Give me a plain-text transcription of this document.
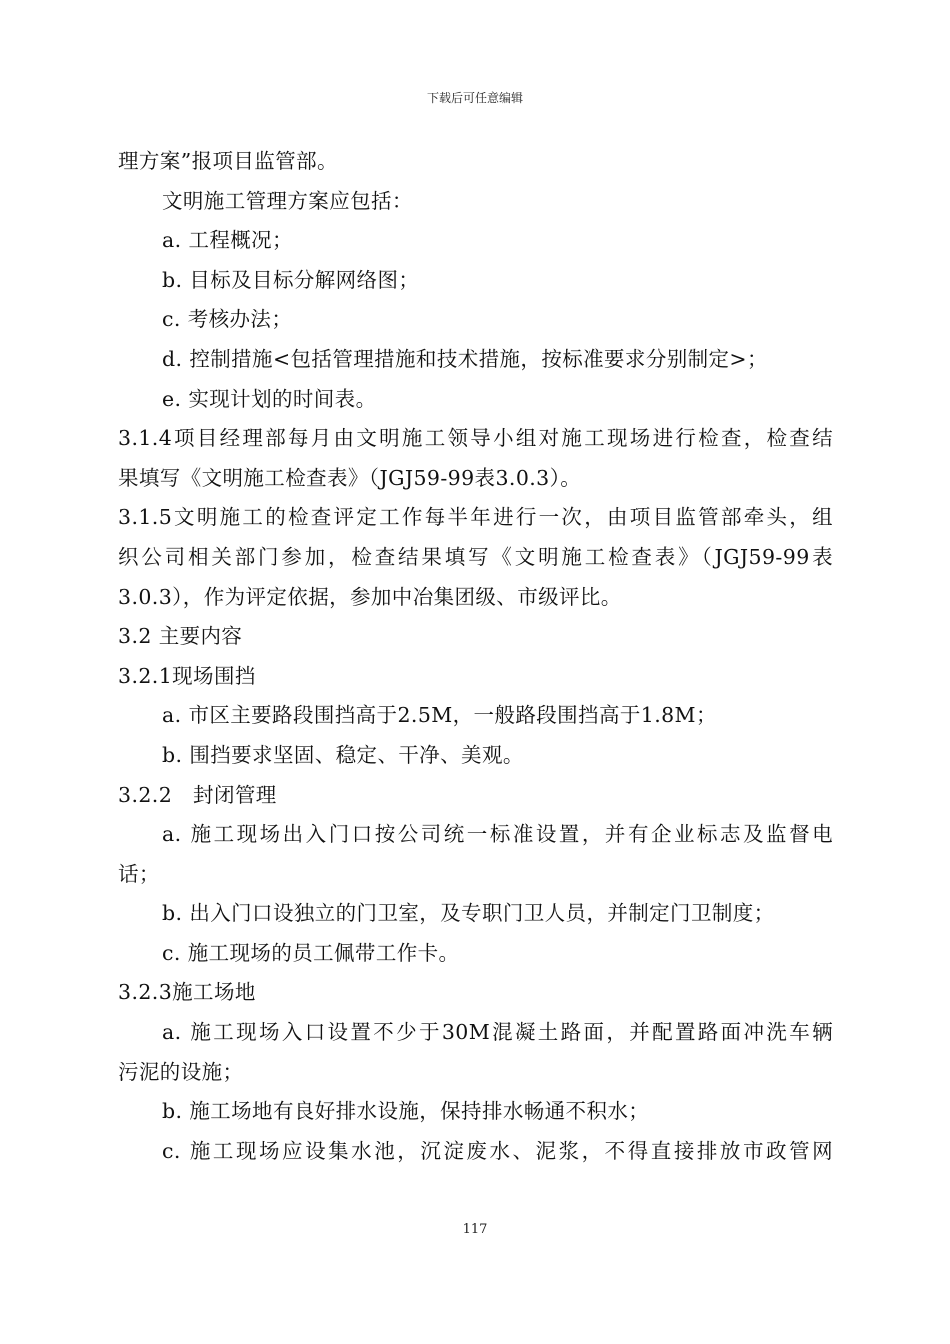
下载后可任意编辑
理方案”报项目监管部。
文明施工管理方案应包括：
a. 工程概况；
b. 目标及目标分解网络图；
c. 考核办法；
d. 控制措施<包括管理措施和技术措施，按标准要求分别制定>；
e. 实现计划的时间表。
3.1.4项目经理部每月由文明施工领导小组对施工现场进行检查，检查结
果填写《文明施工检查表》（JGJ59-99表3.0.3）。
3.1.5文明施工的检查评定工作每半年进行一次，由项目监管部牵头，组
织公司相关部门参加，检查结果填写《文明施工检查表》（JGJ59-99表
3.0.3），作为评定依据，参加中冶集团级、市级评比。
3.2 主要内容
3.2.1现场围挡
a. 市区主要路段围挡高于2.5M，一般路段围挡高于1.8M；
b. 围挡要求坚固、稳定、干净、美观。
3.2.2　封闭管理
a. 施工现场出入门口按公司统一标准设置，并有企业标志及监督电
话；
b. 出入门口设独立的门卫室，及专职门卫人员，并制定门卫制度；
c. 施工现场的员工佩带工作卡。
3.2.3施工场地
a. 施工现场入口设置不少于30M混凝土路面，并配置路面冲洗车辆
污泥的设施；
b. 施工场地有良好排水设施，保持排水畅通不积水；
c. 施工现场应设集水池，沉淀废水、泥浆，不得直接排放市政管网
117
